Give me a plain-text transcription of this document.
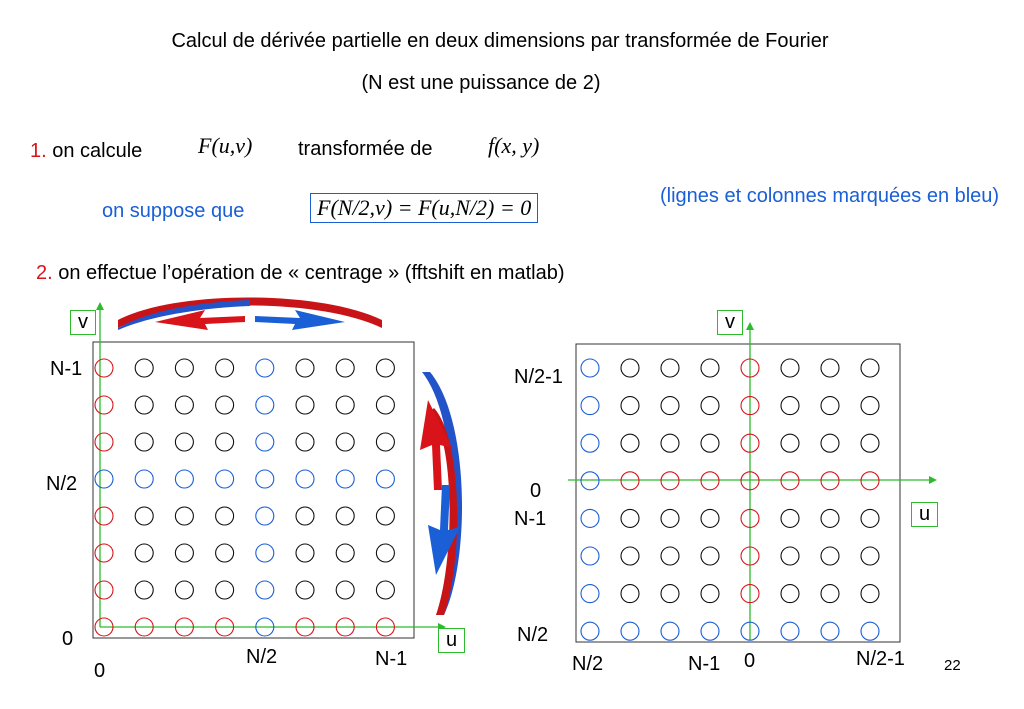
Calcul de dérivée partielle en deux dimensions par transformée de Fourier
(N est une puissance de 2)
1. on calcule	F(u,v) transformée de	f(x, y)
on suppose que	F(N/2,v) = F(u,N/2) = 0	(lignes et colonnes marquées en bleu)
2. on effectue l’opération de « centrage » (fftshift en matlab)
v
u
N-1
N/2
0
0
N/2	N-1
v
u
N/2-1
0
N-1
N/2
N/2	N-1 0	N/2-1	22
